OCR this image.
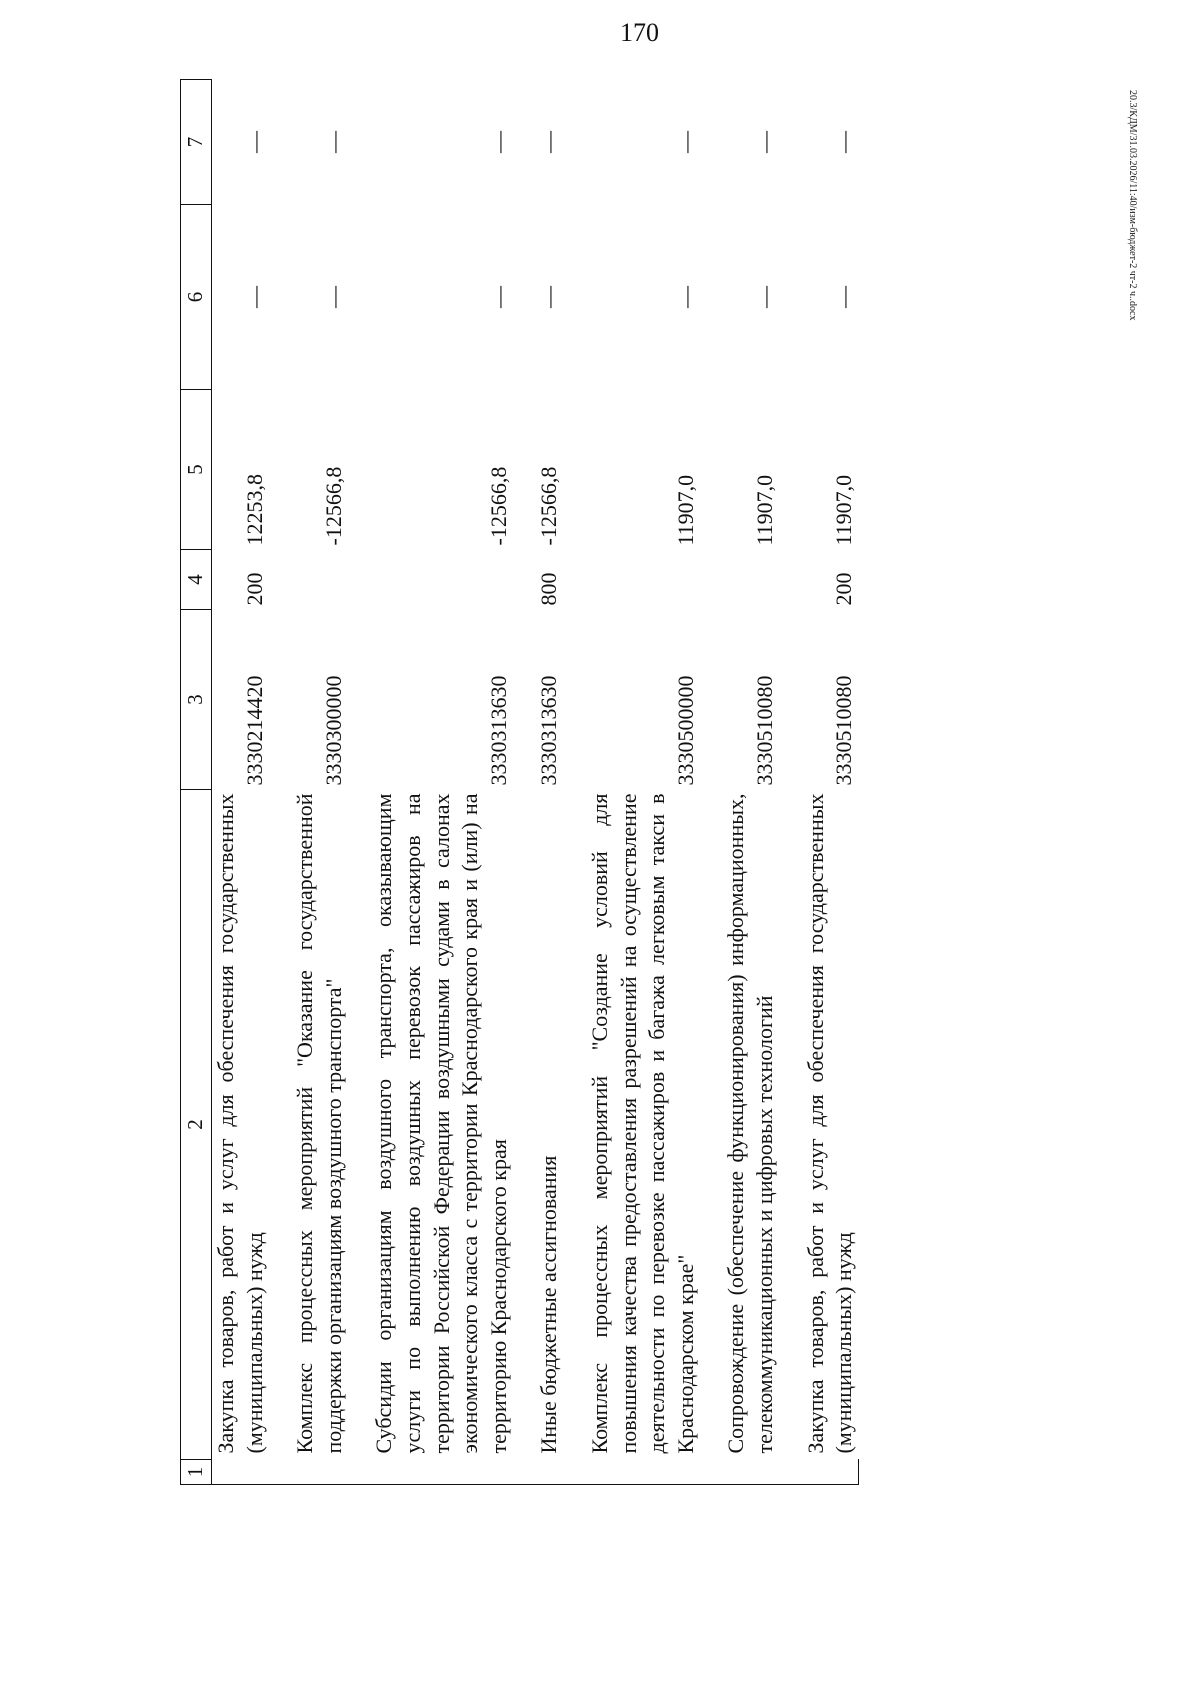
170
20.3/КДМ/31.03.2026/11:40/изм-бюджет-2 чт-2 ч..docx
1	2	3	4	5	6	7
	Закупка товаров, работ и услуг для обеспечения государственных (муниципальных) нужд	3330214420	200	12253,8	—	—

	Комплекс процессных мероприятий "Оказание государственной поддержки организациям воздушного транспорта"	3330300000		-12566,8	—	—

	Субсидии организациям воздушного транспорта, оказывающим услуги по выполнению воздушных перевозок пассажиров на территории Российской Федерации воздушными судами в салонах экономического класса с территории Краснодарского края и (или) на территорию Краснодарского края	3330313630		-12566,8	—	—

	Иные бюджетные ассигнования	3330313630	800	-12566,8	—	—

	Комплекс процессных мероприятий "Создание условий для повышения качества предоставления разрешений на осуществление деятельности по перевозке пассажиров и багажа легковым такси в Краснодарском крае"	3330500000		11907,0	—	—

	Сопровождение (обеспечение функционирования) информационных, телекоммуникационных и цифровых технологий	3330510080		11907,0	—	—

	Закупка товаров, работ и услуг для обеспечения государственных (муниципальных) нужд	3330510080	200	11907,0	—	—
